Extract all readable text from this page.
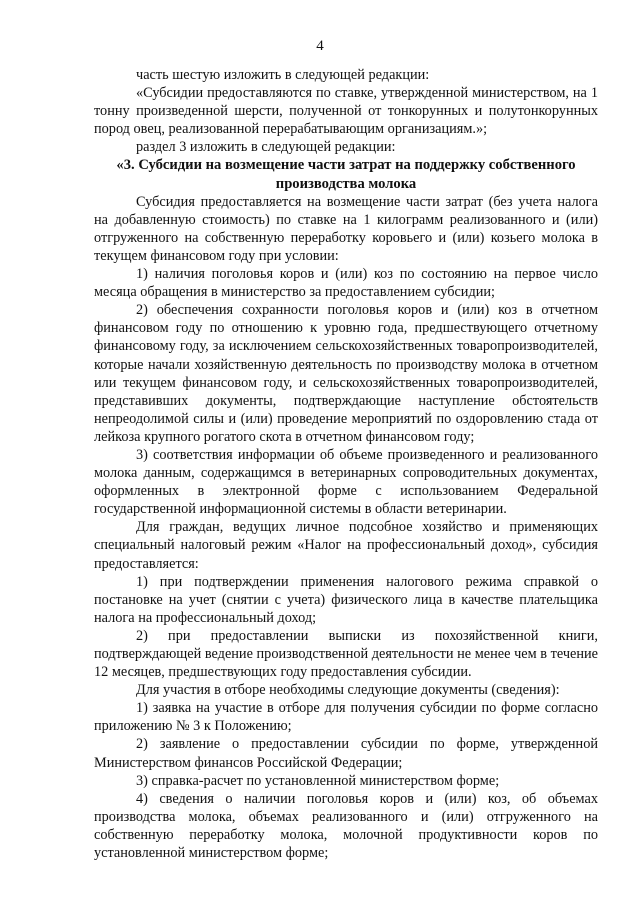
4

часть шестую изложить в следующей редакции:

«Субсидии предоставляются по ставке, утвержденной министерством, на 1 тонну произведенной шерсти, полученной от тонкорунных и полутонкорунных пород овец, реализованной перерабатывающим организациям.»;

раздел 3 изложить в следующей редакции:

«3. Субсидии на возмещение части затрат на поддержку собственного производства молока

Субсидия предоставляется на возмещение части затрат (без учета налога на добавленную стоимость) по ставке на 1 килограмм реализованного и (или) отгруженного на собственную переработку коровьего и (или) козьего молока в текущем финансовом году при условии:

1) наличия поголовья коров и (или) коз по состоянию на первое число месяца обращения в министерство за предоставлением субсидии;

2) обеспечения сохранности поголовья коров и (или) коз в отчетном финансовом году по отношению к уровню года, предшествующего отчетному финансовому году, за исключением сельскохозяйственных товаропроизводителей, которые начали хозяйственную деятельность по производству молока в отчетном или текущем финансовом году, и сельскохозяйственных товаропроизводителей, представивших документы, подтверждающие наступление обстоятельств непреодолимой силы и (или) проведение мероприятий по оздоровлению стада от лейкоза крупного рогатого скота в отчетном финансовом году;

3) соответствия информации об объеме произведенного и реализованного молока данным, содержащимся в ветеринарных сопроводительных документах, оформленных в электронной форме с использованием Федеральной государственной информационной системы в области ветеринарии.

Для граждан, ведущих личное подсобное хозяйство и применяющих специальный налоговый режим «Налог на профессиональный доход», субсидия предоставляется:

1) при подтверждении применения налогового режима справкой о постановке на учет (снятии с учета) физического лица в качестве плательщика налога на профессиональный доход;

2) при предоставлении выписки из похозяйственной книги, подтверждающей ведение производственной деятельности не менее чем в течение 12 месяцев, предшествующих году предоставления субсидии.

Для участия в отборе необходимы следующие документы (сведения):

1) заявка на участие в отборе для получения субсидии по форме согласно приложению № 3 к Положению;

2) заявление о предоставлении субсидии по форме, утвержденной Министерством финансов Российской Федерации;

3) справка-расчет по установленной министерством форме;

4) сведения о наличии поголовья коров и (или) коз, об объемах производства молока, объемах реализованного и (или) отгруженного на собственную переработку молока, молочной продуктивности коров по установленной министерством форме;
